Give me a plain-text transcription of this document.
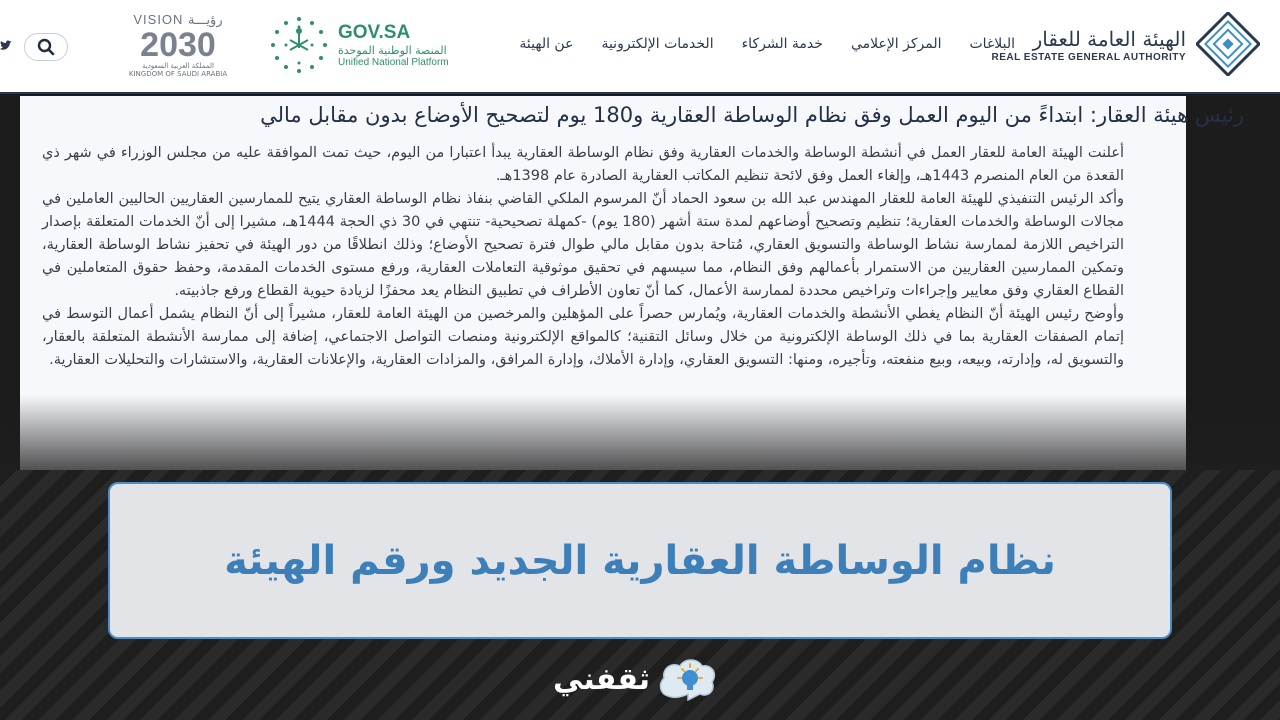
الهيئة العامة للعقار
REAL ESTATE GENERAL AUTHORITY
عن الهيئة الخدمات الإلكترونية خدمة الشركاء المركز الإعلامي البلاغات
GOV.SA
المنصة الوطنية الموحدة
Unified National Platform
VISION رؤيـــة
2030
المملكة العربية السعودية KINGDOM OF SAUDI ARABIA
رئيس هيئة العقار: ابتداءً من اليوم العمل وفق نظام الوساطة العقارية و180 يوم لتصحيح الأوضاع بدون مقابل مالي

أعلنت الهيئة العامة للعقار العمل في أنشطة الوساطة والخدمات العقارية وفق نظام الوساطة العقارية يبدأ اعتبارا من اليوم، حيث تمت الموافقة عليه من مجلس الوزراء في شهر ذي القعدة من العام المنصرم 1443هـ، وإلغاء العمل وفق لائحة تنظيم المكاتب العقارية الصادرة عام 1398هـ.

وأكد الرئيس التنفيذي للهيئة العامة للعقار المهندس عبد الله بن سعود الحماد أنّ المرسوم الملكي القاضي بنفاذ نظام الوساطة العقاري يتيح للممارسين العقاريين الحاليين العاملين في مجالات الوساطة والخدمات العقارية؛ تنظيم وتصحيح أوضاعهم لمدة ستة أشهر (180 يوم) -كمهلة تصحيحية- تنتهي في 30 ذي الحجة 1444هـ، مشيرا إلى أنّ الخدمات المتعلقة بإصدار التراخيص اللازمة لممارسة نشاط الوساطة والتسويق العقاري، مُتاحة بدون مقابل مالي طوال فترة تصحيح الأوضاع؛ وذلك انطلاقًا من دور الهيئة في تحفيز نشاط الوساطة العقارية، وتمكين الممارسين العقاريين من الاستمرار بأعمالهم وفق النظام، مما سيسهم في تحقيق موثوقية التعاملات العقارية، ورفع مستوى الخدمات المقدمة، وحفظ حقوق المتعاملين في القطاع العقاري وفق معايير وإجراءات وتراخيص محددة لممارسة الأعمال، كما أنّ تعاون الأطراف في تطبيق النظام يعد محفزًا لزيادة حيوية القطاع ورفع جاذبيته.

وأوضح رئيس الهيئة أنّ النظام يغطي الأنشطة والخدمات العقارية، ويُمارس حصراً على المؤهلين والمرخصين من الهيئة العامة للعقار، مشيراً إلى أنّ النظام يشمل أعمال التوسط في إتمام الصفقات العقارية بما في ذلك الوساطة الإلكترونية من خلال وسائل التقنية؛ كالمواقع الإلكترونية ومنصات التواصل الاجتماعي، إضافة إلى ممارسة الأنشطة المتعلقة بالعقار، والتسويق له، وإدارته، وبيعه، وبيع منفعته، وتأجيره، ومنها: التسويق العقاري، وإدارة الأملاك، وإدارة المرافق، والمزادات العقارية، والإعلانات العقارية، والاستشارات والتحليلات العقارية.

نظام الوساطة العقارية الجديد ورقم الهيئة
ثقفني
